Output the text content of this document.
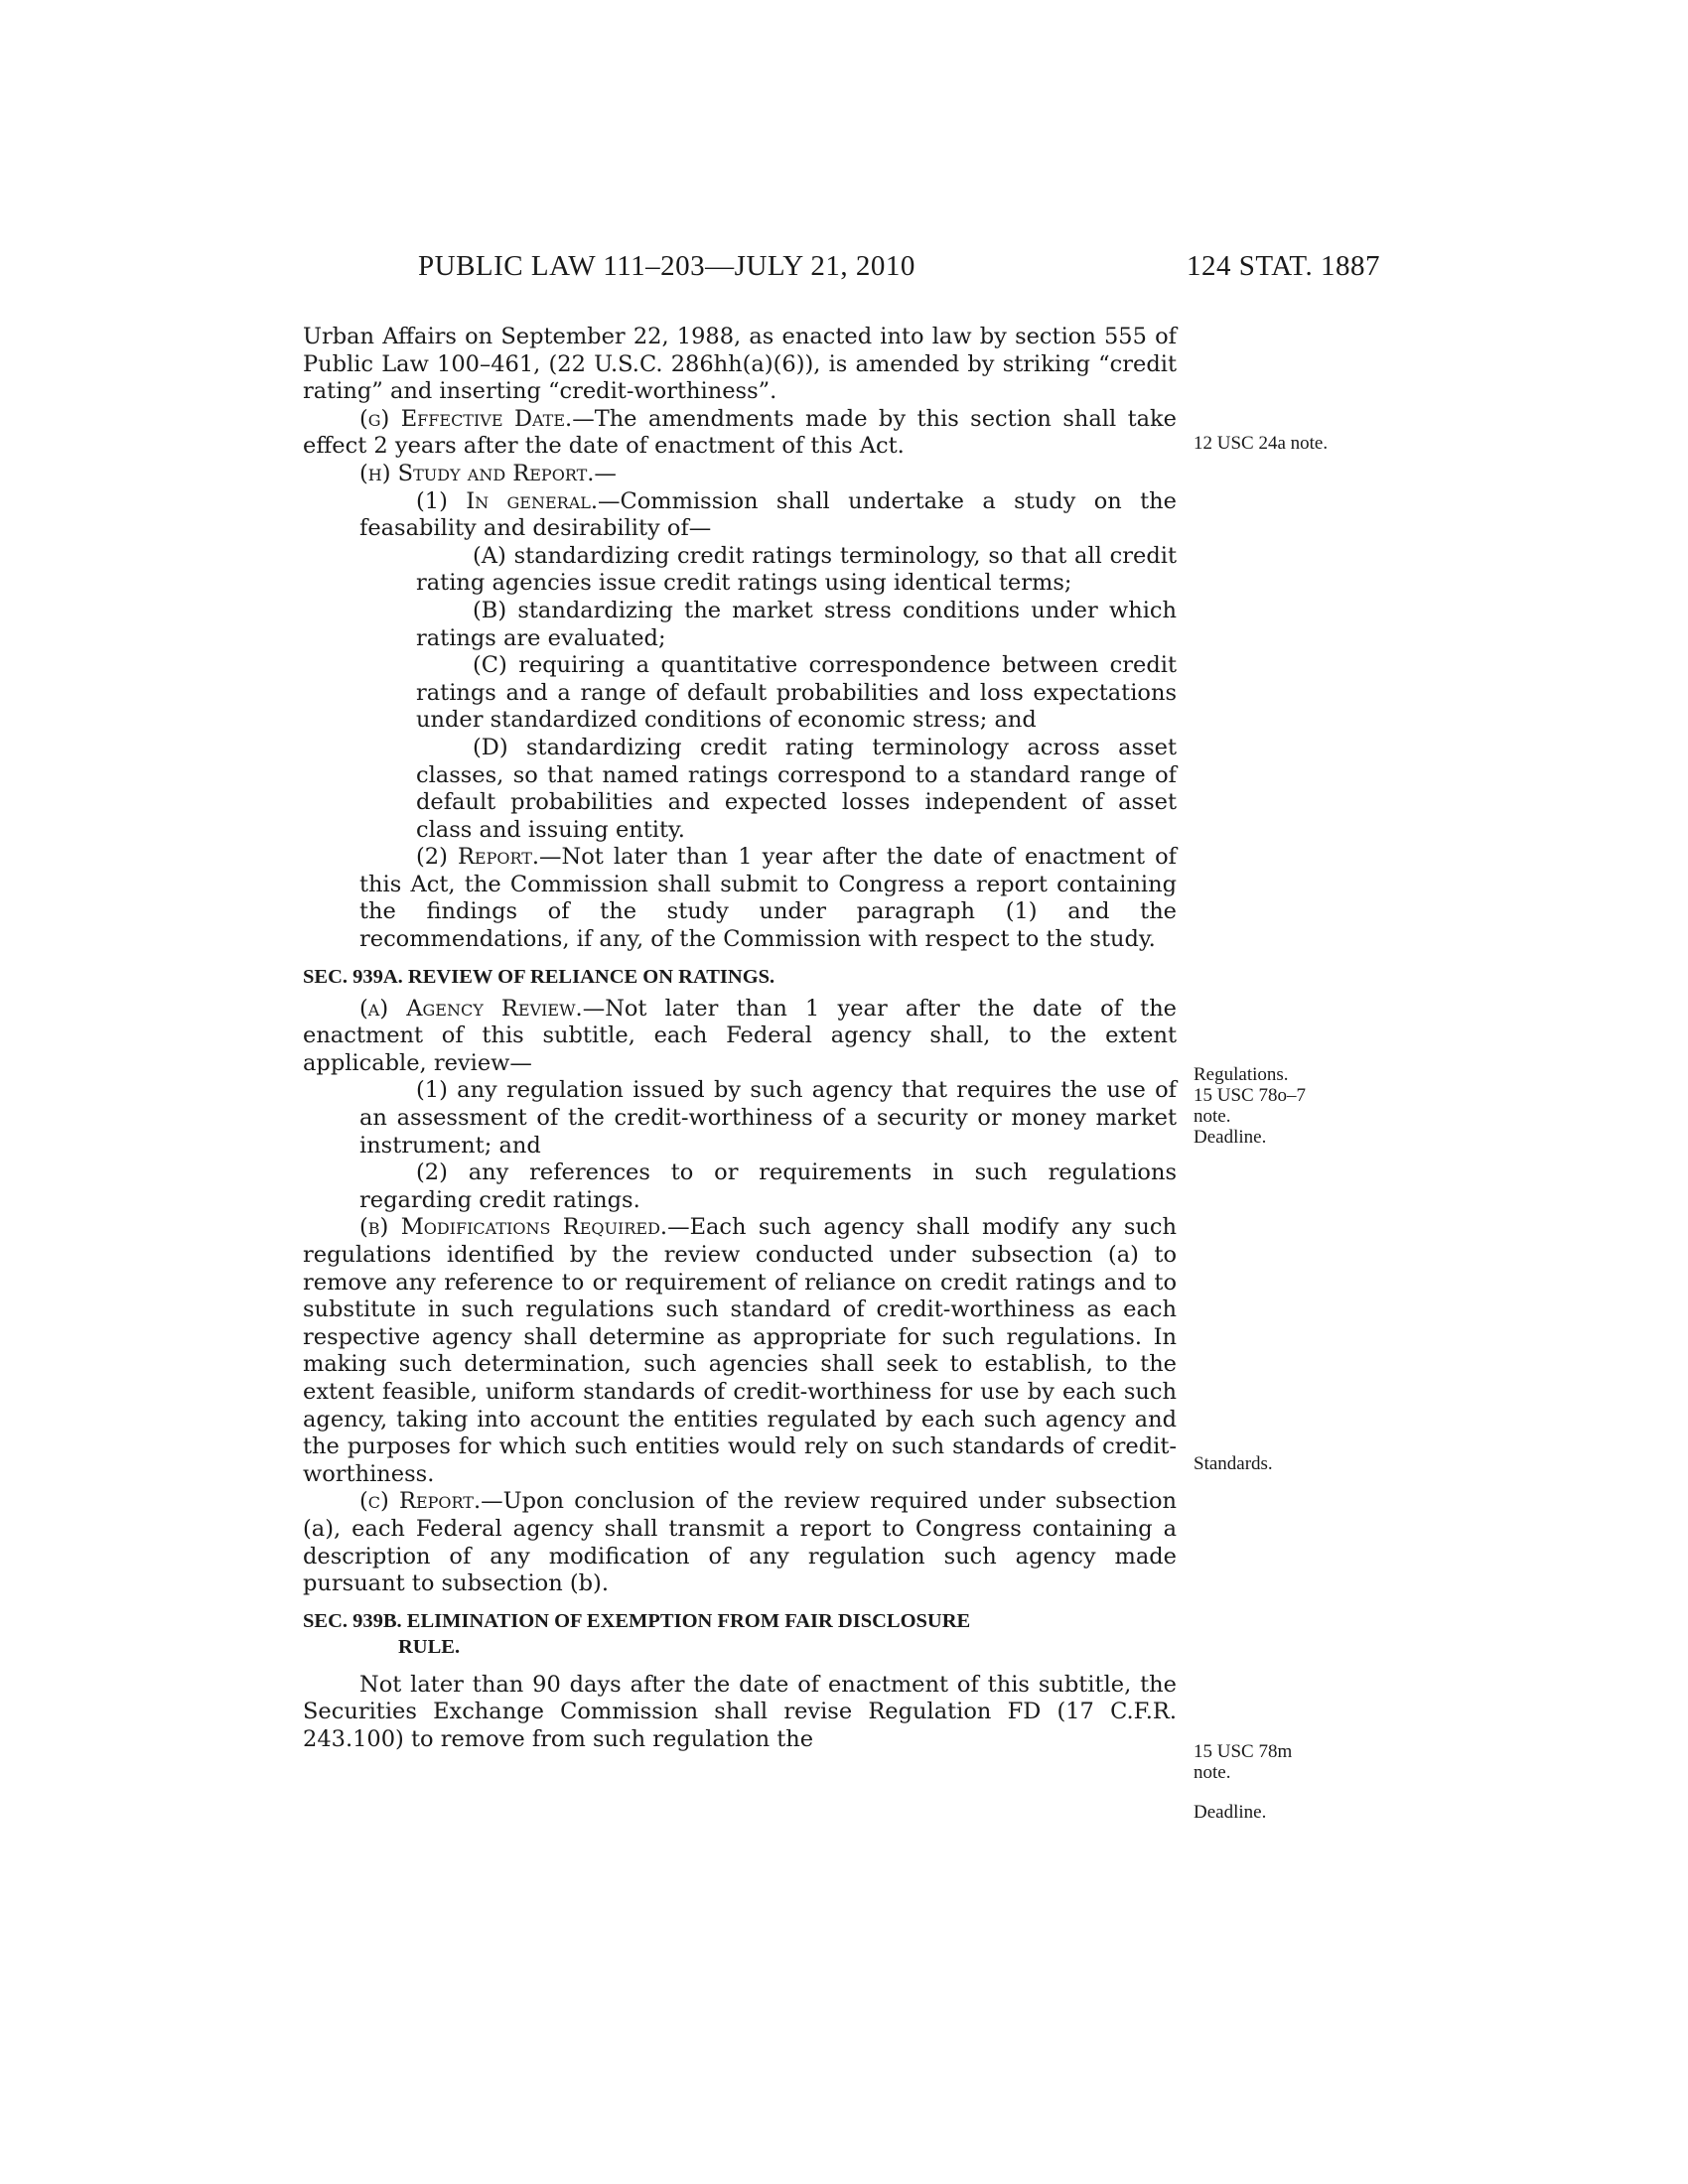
PUBLIC LAW 111–203—JULY 21, 2010	124 STAT. 1887

Urban Affairs on September 22, 1988, as enacted into law by section 555 of Public Law 100–461, (22 U.S.C. 286hh(a)(6)), is amended by striking “credit rating” and inserting “credit-worthiness”.

(g) Effective Date.—The amendments made by this section shall take effect 2 years after the date of enactment of this Act.

(h) Study and Report.—

(1) In general.—Commission shall undertake a study on the feasability and desirability of—

(A) standardizing credit ratings terminology, so that all credit rating agencies issue credit ratings using identical terms;

(B) standardizing the market stress conditions under which ratings are evaluated;

(C) requiring a quantitative correspondence between credit ratings and a range of default probabilities and loss expectations under standardized conditions of economic stress; and

(D) standardizing credit rating terminology across asset classes, so that named ratings correspond to a standard range of default probabilities and expected losses independent of asset class and issuing entity.

(2) Report.—Not later than 1 year after the date of enactment of this Act, the Commission shall submit to Congress a report containing the findings of the study under paragraph (1) and the recommendations, if any, of the Commission with respect to the study.

SEC. 939A. REVIEW OF RELIANCE ON RATINGS.

(a) Agency Review.—Not later than 1 year after the date of the enactment of this subtitle, each Federal agency shall, to the extent applicable, review—

(1) any regulation issued by such agency that requires the use of an assessment of the credit-worthiness of a security or money market instrument; and

(2) any references to or requirements in such regulations regarding credit ratings.

(b) Modifications Required.—Each such agency shall modify any such regulations identified by the review conducted under subsection (a) to remove any reference to or requirement of reliance on credit ratings and to substitute in such regulations such standard of credit-worthiness as each respective agency shall determine as appropriate for such regulations. In making such determination, such agencies shall seek to establish, to the extent feasible, uniform standards of credit-worthiness for use by each such agency, taking into account the entities regulated by each such agency and the purposes for which such entities would rely on such standards of credit-worthiness.

(c) Report.—Upon conclusion of the review required under subsection (a), each Federal agency shall transmit a report to Congress containing a description of any modification of any regulation such agency made pursuant to subsection (b).

SEC. 939B. ELIMINATION OF EXEMPTION FROM FAIR DISCLOSURE
RULE.

Not later than 90 days after the date of enactment of this subtitle, the Securities Exchange Commission shall revise Regulation FD (17 C.F.R. 243.100) to remove from such regulation the

12 USC 24a note.
Regulations.
15 USC 78o–7
note.
Deadline.
Standards.
15 USC 78m
note.
Deadline.
